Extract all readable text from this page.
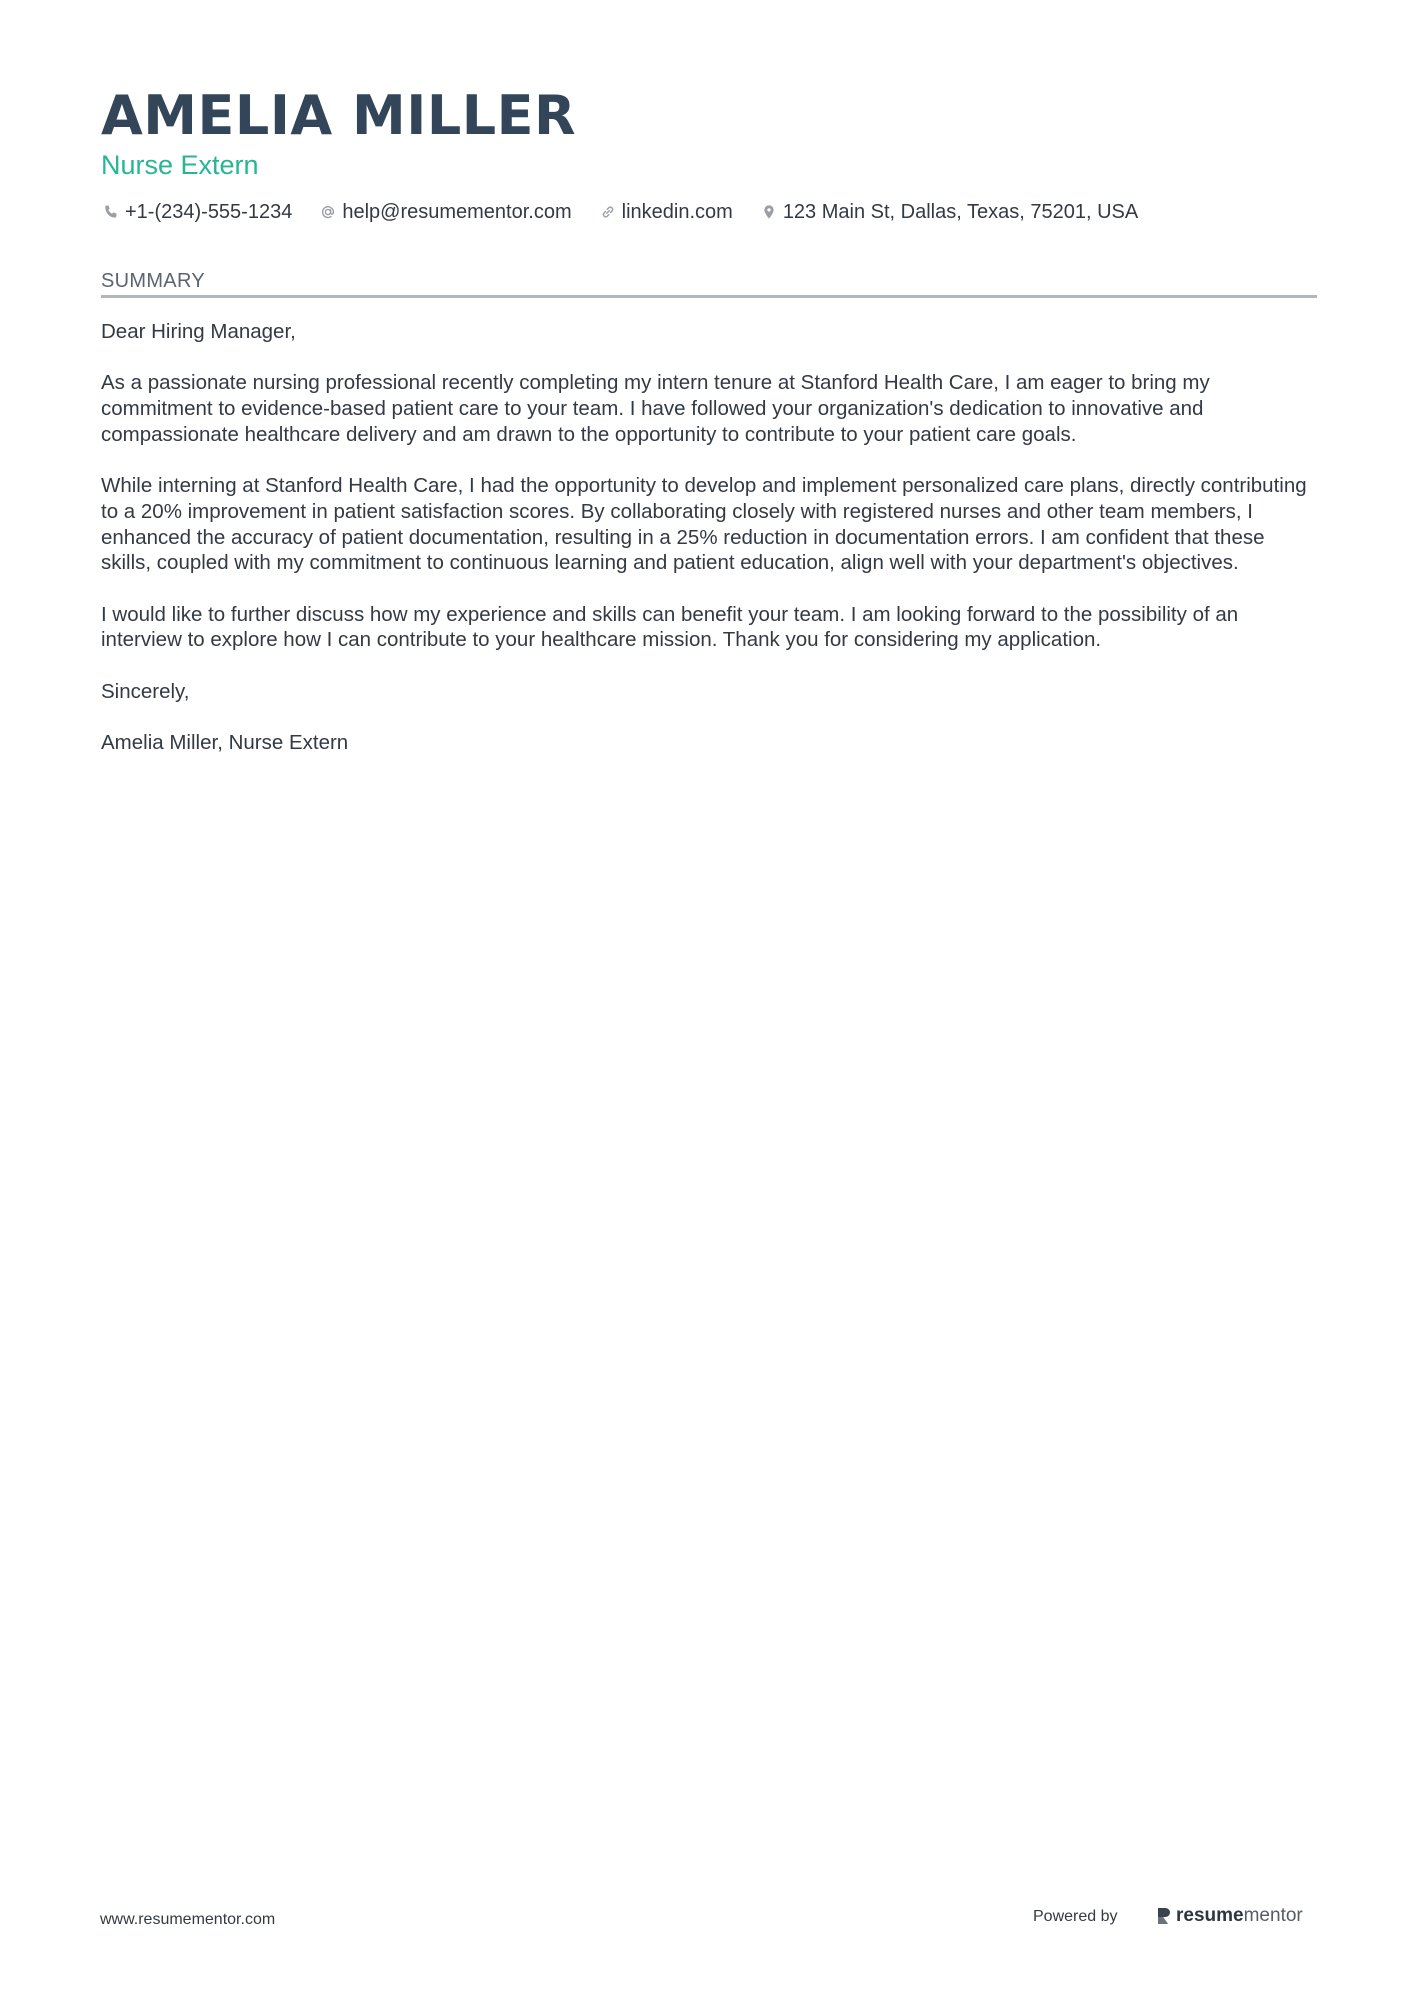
AMELIA MILLER
Nurse Extern
+1-(234)-555-1234	help@resumementor.com	linkedin.com	123 Main St, Dallas, Texas, 75201, USA
SUMMARY

Dear Hiring Manager,

As a passionate nursing professional recently completing my intern tenure at Stanford Health Care, I am eager to bring my commitment to evidence-based patient care to your team. I have followed your organization's dedication to innovative and compassionate healthcare delivery and am drawn to the opportunity to contribute to your patient care goals.

While interning at Stanford Health Care, I had the opportunity to develop and implement personalized care plans, directly contributing to a 20% improvement in patient satisfaction scores. By collaborating closely with registered nurses and other team members, I enhanced the accuracy of patient documentation, resulting in a 25% reduction in documentation errors. I am confident that these skills, coupled with my commitment to continuous learning and patient education, align well with your department's objectives.

I would like to further discuss how my experience and skills can benefit your team. I am looking forward to the possibility of an interview to explore how I can contribute to your healthcare mission. Thank you for considering my application.

Sincerely,

Amelia Miller, Nurse Extern

www.resumementor.com	Powered by	resume mentor
